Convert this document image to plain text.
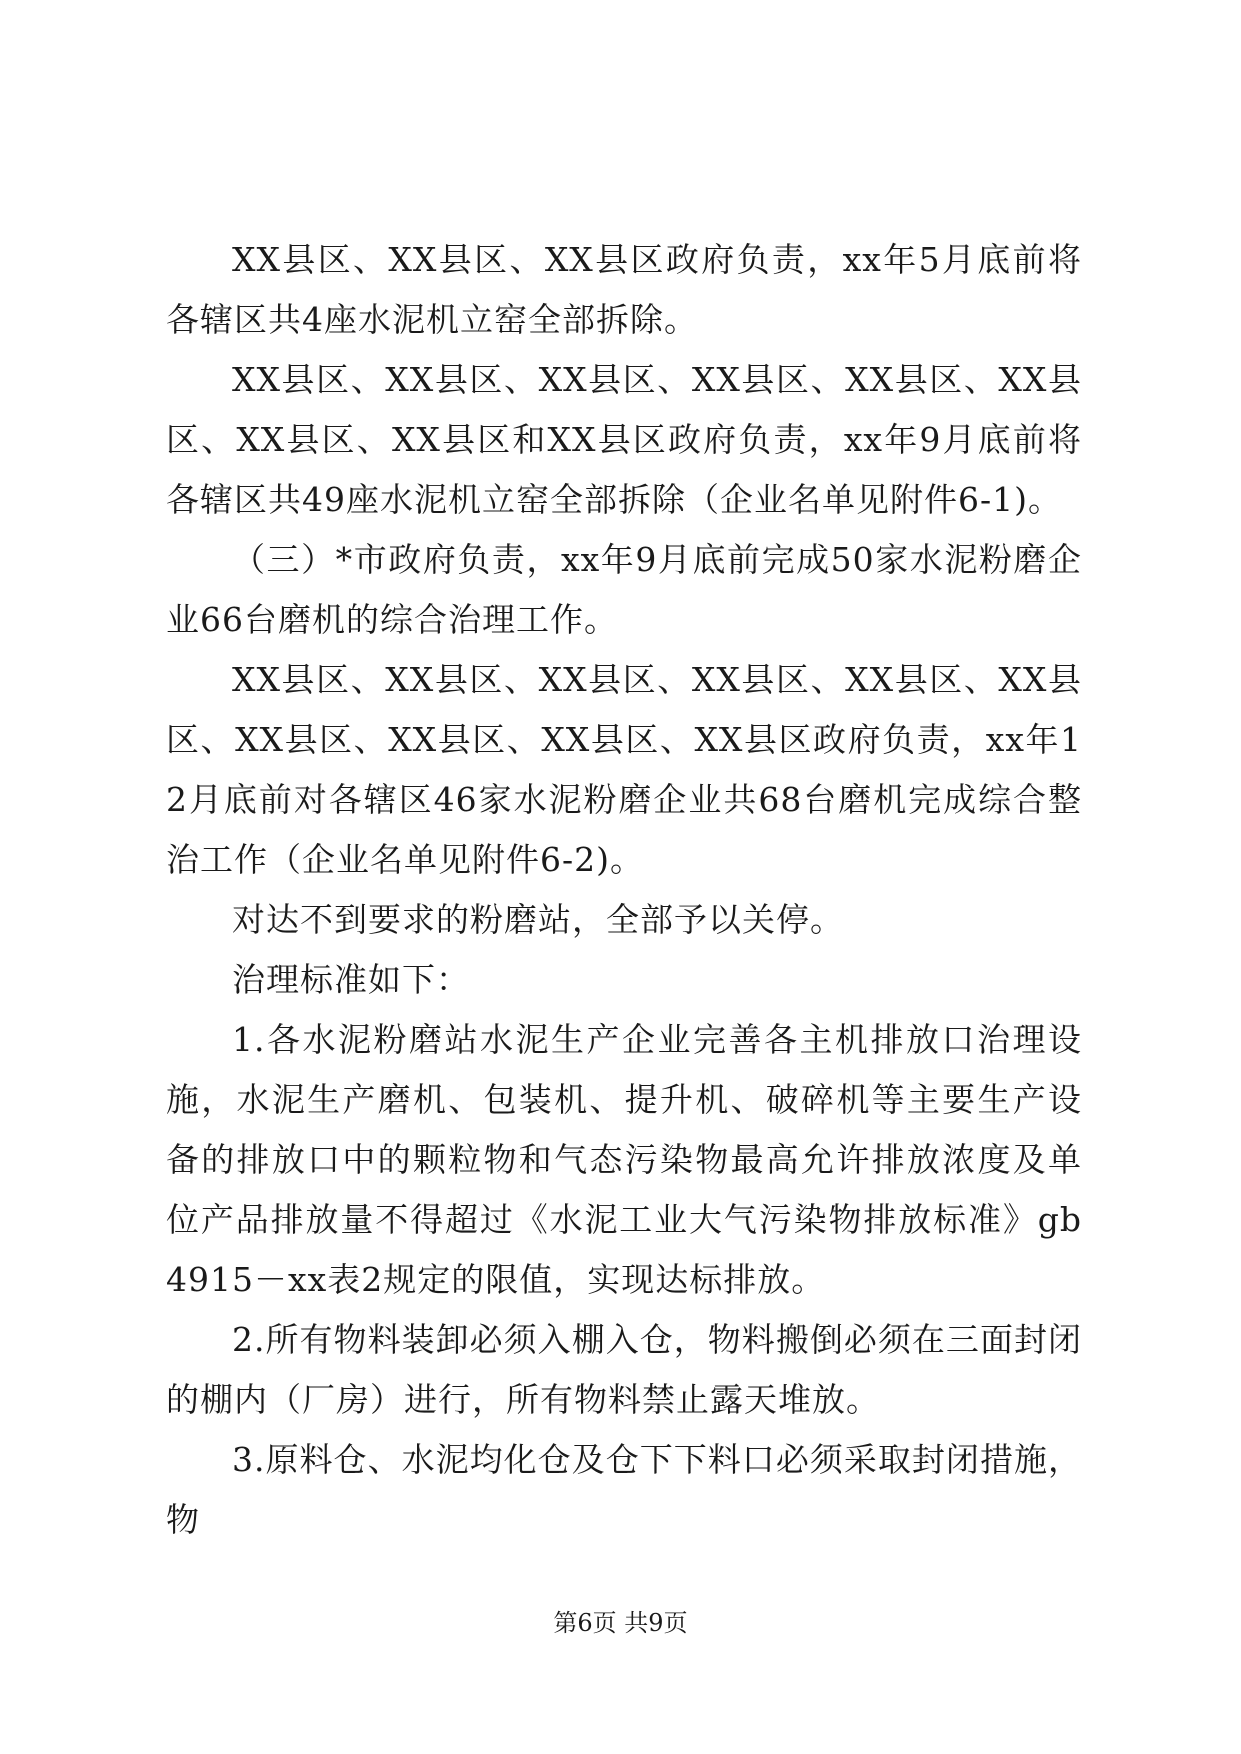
XX县区、XX县区、XX县区政府负责，xx年5月底前将各辖区共4座水泥机立窑全部拆除。

XX县区、XX县区、XX县区、XX县区、XX县区、XX县区、XX县区、XX县区和XX县区政府负责，xx年9月底前将各辖区共49座水泥机立窑全部拆除（企业名单见附件6-1)。

（三）*市政府负责，xx年9月底前完成50家水泥粉磨企业66台磨机的综合治理工作。

XX县区、XX县区、XX县区、XX县区、XX县区、XX县区、XX县区、XX县区、XX县区、XX县区政府负责，xx年12月底前对各辖区46家水泥粉磨企业共68台磨机完成综合整治工作（企业名单见附件6-2)。

对达不到要求的粉磨站，全部予以关停。

治理标准如下：

1.各水泥粉磨站水泥生产企业完善各主机排放口治理设施，水泥生产磨机、包装机、提升机、破碎机等主要生产设备的排放口中的颗粒物和气态污染物最高允许排放浓度及单位产品排放量不得超过《水泥工业大气污染物排放标准》gb4915－xx表2规定的限值，实现达标排放。

2.所有物料装卸必须入棚入仓，物料搬倒必须在三面封闭的棚内（厂房）进行，所有物料禁止露天堆放。

3.原料仓、水泥均化仓及仓下下料口必须采取封闭措施，物

第6页 共9页
